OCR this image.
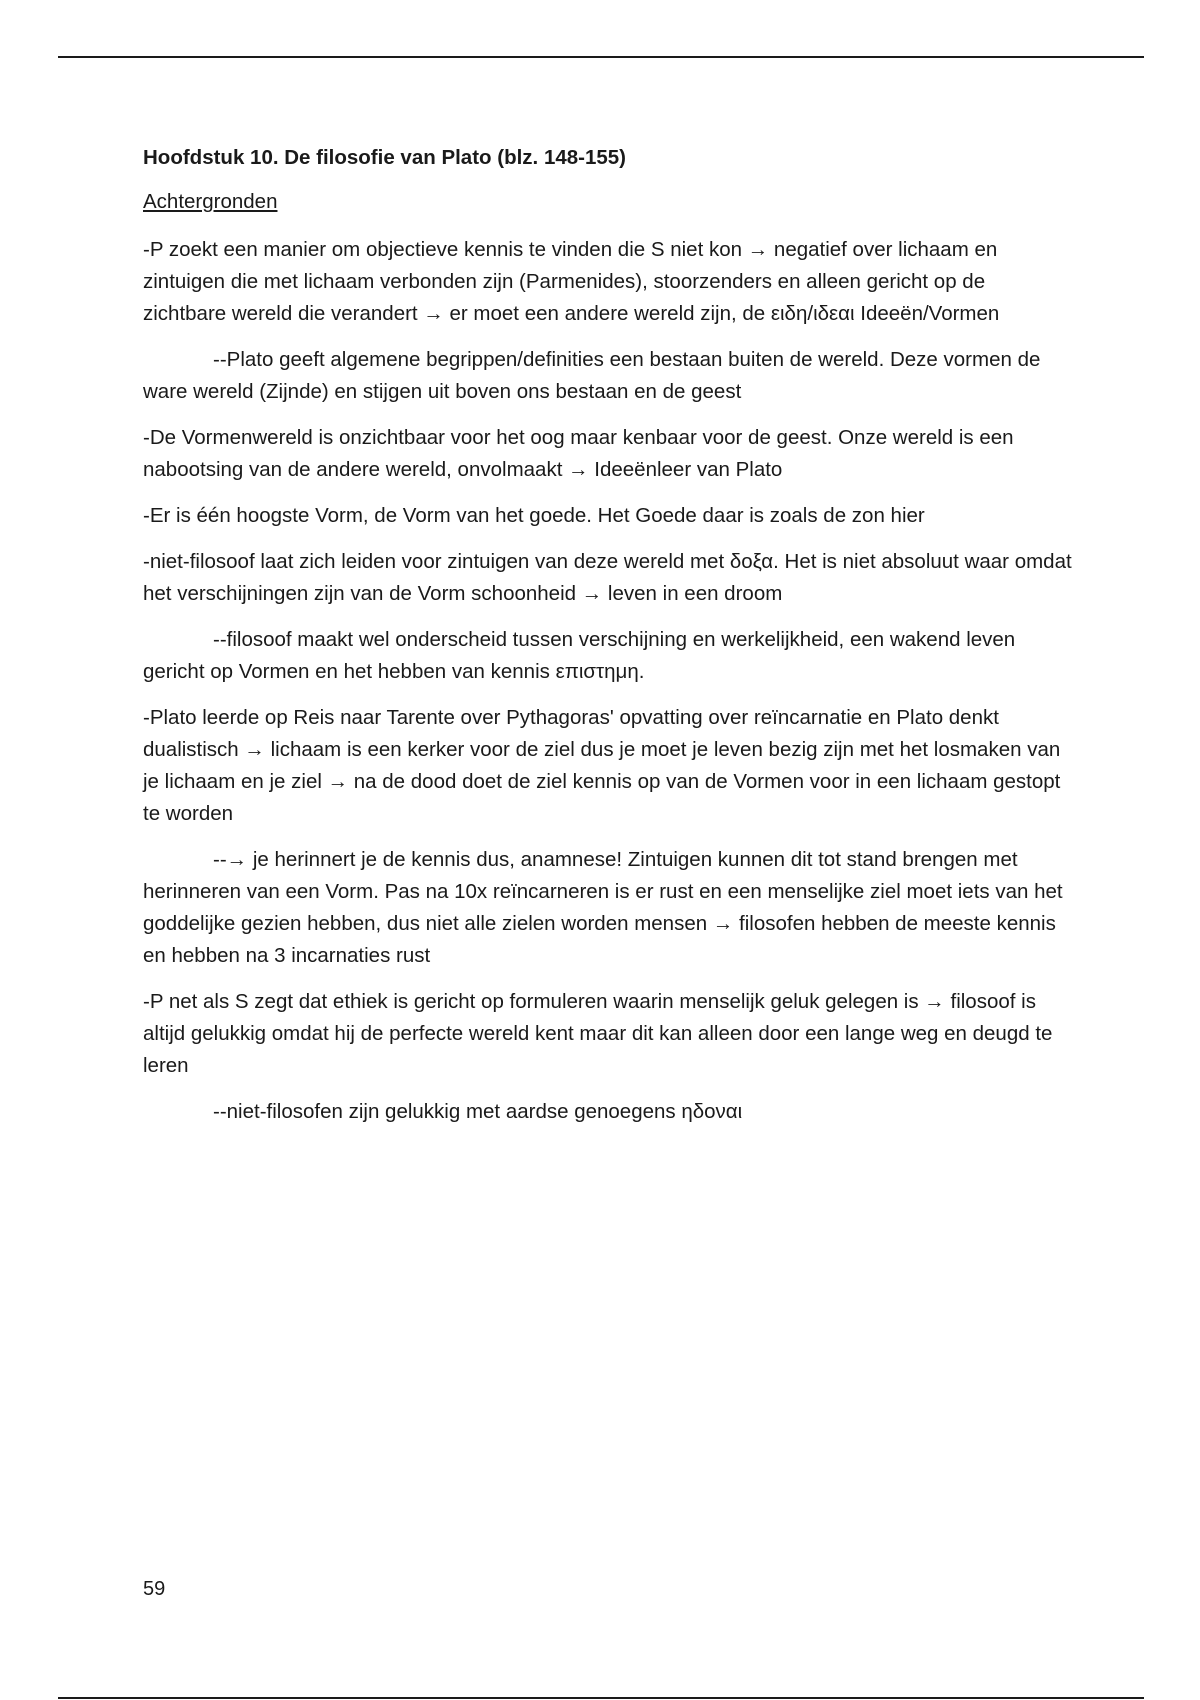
Hoofdstuk 10. De filosofie van Plato (blz. 148-155)

Achtergronden

-P zoekt een manier om objectieve kennis te vinden die S niet kon → negatief over lichaam en zintuigen die met lichaam verbonden zijn (Parmenides), stoorzenders en alleen gericht op de zichtbare wereld die verandert → er moet een andere wereld zijn, de ειδη/ιδεαι Ideeën/Vormen

--Plato geeft algemene begrippen/definities een bestaan buiten de wereld. Deze vormen de ware wereld (Zijnde) en stijgen uit boven ons bestaan en de geest

-De Vormenwereld is onzichtbaar voor het oog maar kenbaar voor de geest. Onze wereld is een nabootsing van de andere wereld, onvolmaakt → Ideeënleer van Plato

-Er is één hoogste Vorm, de Vorm van het goede. Het Goede daar is zoals de zon hier

-niet-filosoof laat zich leiden voor zintuigen van deze wereld met δοξα. Het is niet absoluut waar omdat het verschijningen zijn van de Vorm schoonheid → leven in een droom

--filosoof maakt wel onderscheid tussen verschijning en werkelijkheid, een wakend leven gericht op Vormen en het hebben van kennis επιστημη.

-Plato leerde op Reis naar Tarente over Pythagoras' opvatting over reïncarnatie en Plato denkt dualistisch → lichaam is een kerker voor de ziel dus je moet je leven bezig zijn met het losmaken van je lichaam en je ziel → na de dood doet de ziel kennis op van de Vormen voor in een lichaam gestopt te worden

--→ je herinnert je de kennis dus, anamnese! Zintuigen kunnen dit tot stand brengen met herinneren van een Vorm. Pas na 10x reïncarneren is er rust en een menselijke ziel moet iets van het goddelijke gezien hebben, dus niet alle zielen worden mensen → filosofen hebben de meeste kennis en hebben na 3 incarnaties rust

-P net als S zegt dat ethiek is gericht op formuleren waarin menselijk geluk gelegen is → filosoof is altijd gelukkig omdat hij de perfecte wereld kent maar dit kan alleen door een lange weg en deugd te leren

--niet-filosofen zijn gelukkig met aardse genoegens ηδοναι

59
